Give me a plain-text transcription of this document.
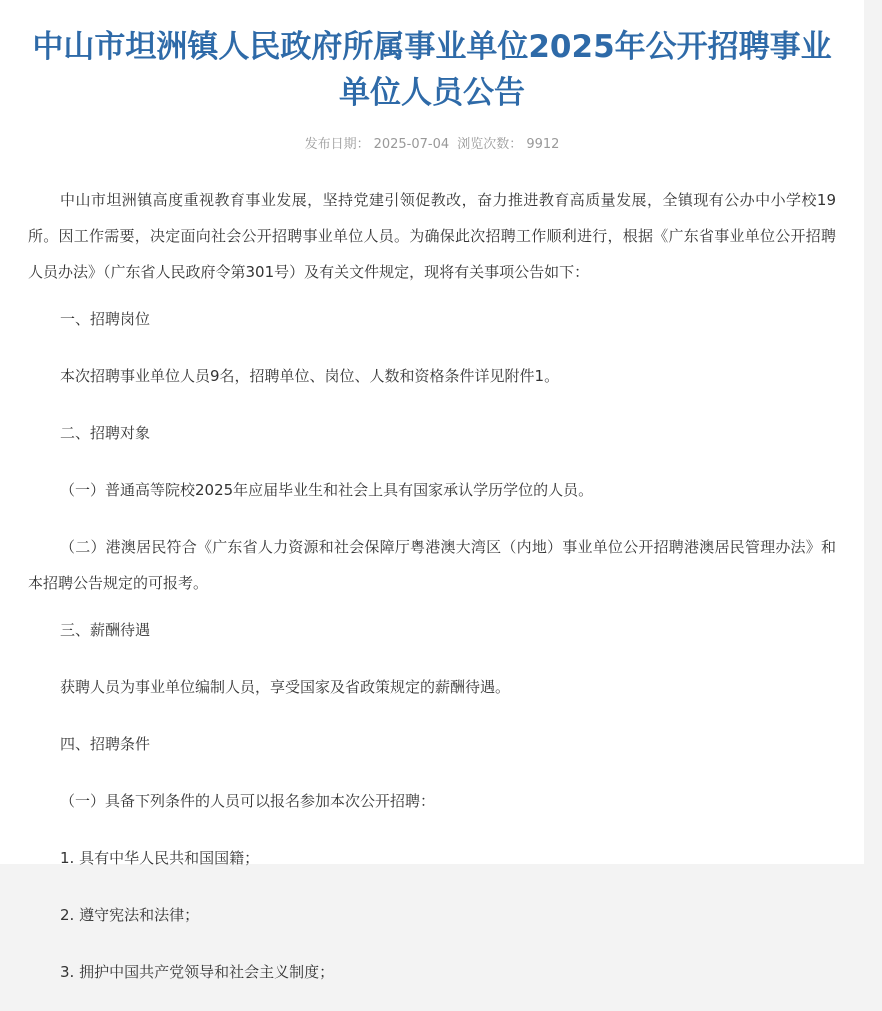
中山市坦洲镇人民政府所属事业单位2025年公开招聘事业单位人员公告
发布日期： 2025-07-04 浏览次数： 9912

中山市坦洲镇高度重视教育事业发展，坚持党建引领促教改，奋力推进教育高质量发展，全镇现有公办中小学校19所。因工作需要，决定面向社会公开招聘事业单位人员。为确保此次招聘工作顺利进行，根据《广东省事业单位公开招聘人员办法》（广东省人民政府令第301号）及有关文件规定，现将有关事项公告如下：

一、招聘岗位

本次招聘事业单位人员9名，招聘单位、岗位、人数和资格条件详见附件1。

二、招聘对象

（一）普通高等院校2025年应届毕业生和社会上具有国家承认学历学位的人员。

（二）港澳居民符合《广东省人力资源和社会保障厅粤港澳大湾区（内地）事业单位公开招聘港澳居民管理办法》和本招聘公告规定的可报考。

三、薪酬待遇

获聘人员为事业单位编制人员，享受国家及省政策规定的薪酬待遇。

四、招聘条件

（一）具备下列条件的人员可以报名参加本次公开招聘：

1. 具有中华人民共和国国籍；

2. 遵守宪法和法律；

3. 拥护中国共产党领导和社会主义制度；
